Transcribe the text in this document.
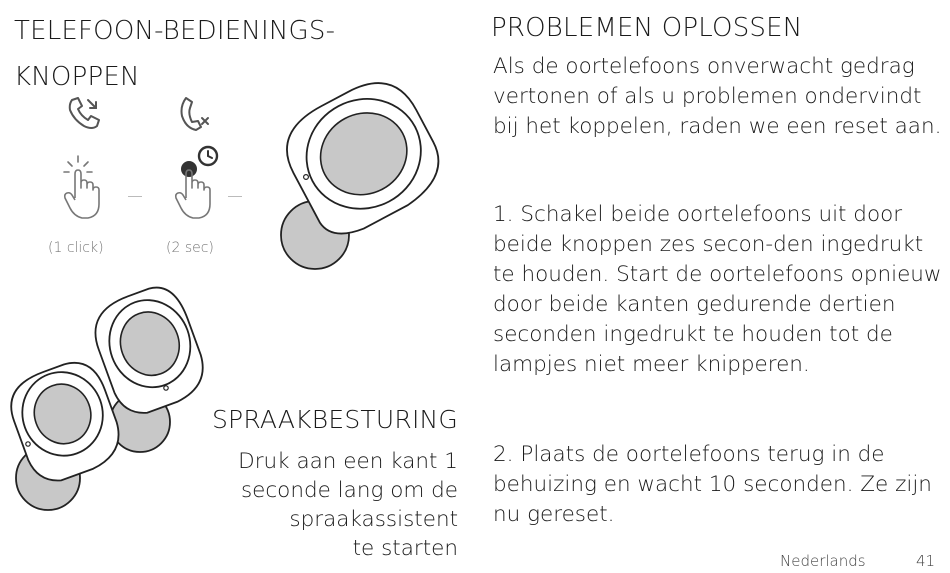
TELEFOON-BEDIENINGS-
KNOPPEN
(1 click)	(2 sec)
SPRAAKBESTURING
Druk aan een kant 1
seconde lang om de
spraakassistent
te starten
PROBLEMEN OPLOSSEN
Als de oortelefoons onverwacht gedrag vertonen of als u problemen ondervindt bij het koppelen, raden we een reset aan.
1. Schakel beide oortelefoons uit door beide knoppen zes secon-den ingedrukt te houden. Start de oortelefoons opnieuw door beide kanten gedurende dertien seconden ingedrukt te houden tot de lampjes niet meer knipperen.
2. Plaats de oortelefoons terug in de behuizing en wacht 10 seconden. Ze zijn nu gereset.
Nederlands	41
